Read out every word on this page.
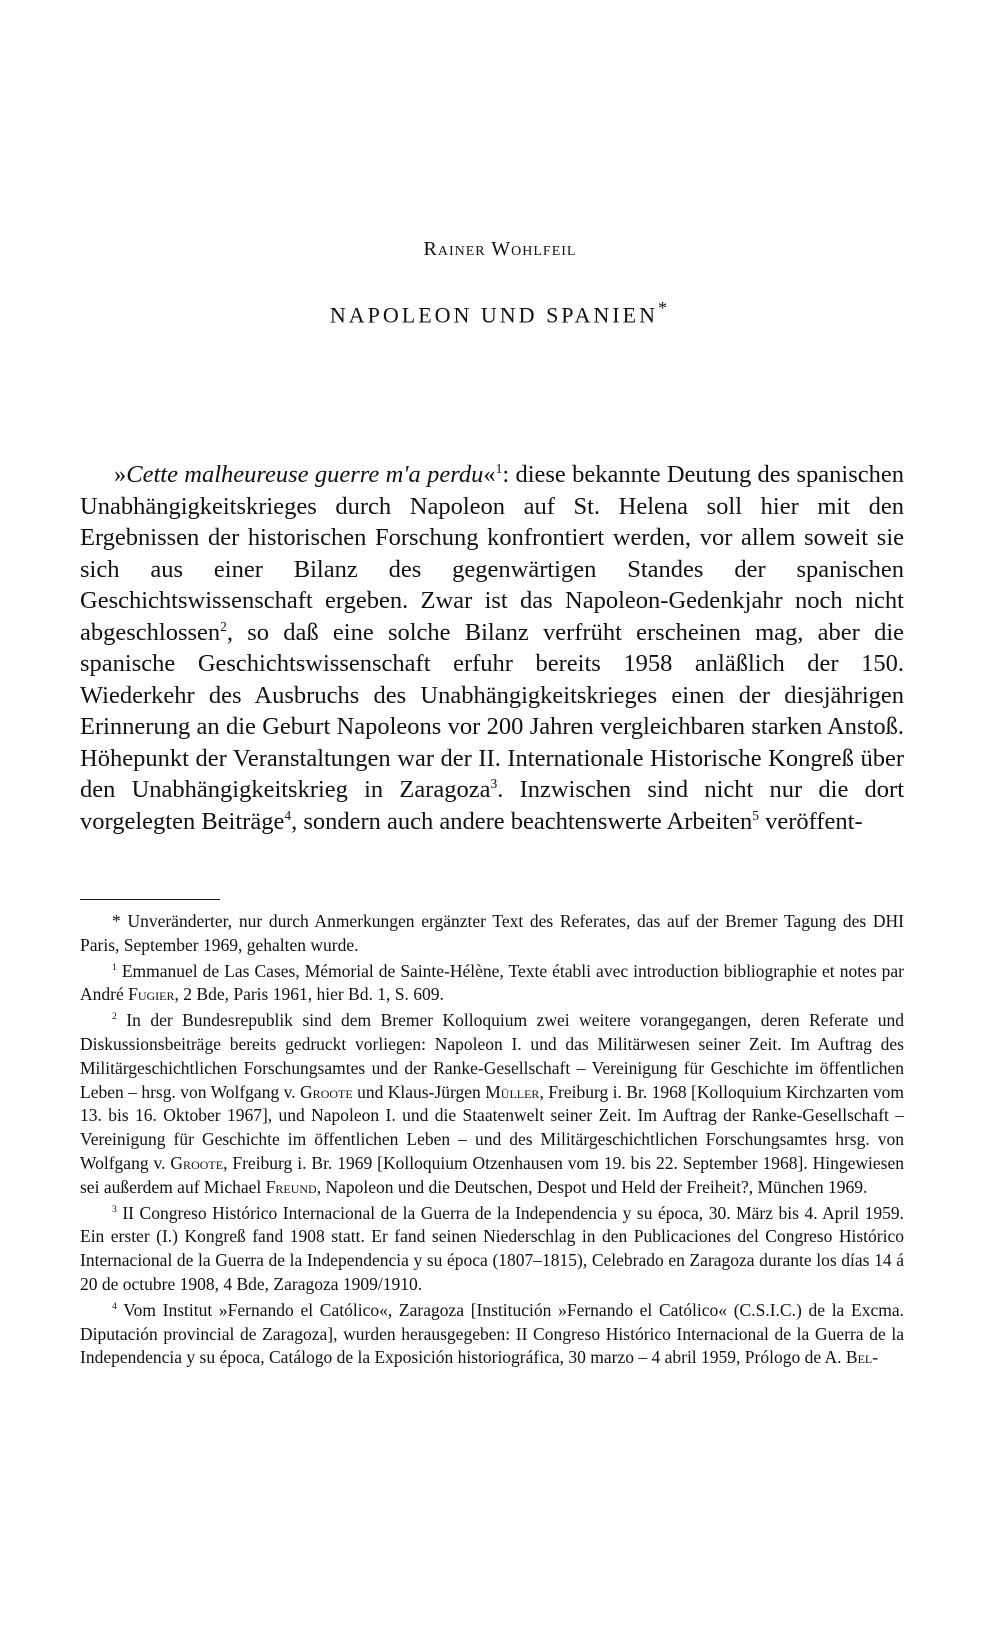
Rainer Wohlfeil
NAPOLEON UND SPANIEN*

»Cette malheureuse guerre m'a perdu«$^1$: diese bekannte Deutung des spanischen Unabhängigkeitskrieges durch Napoleon auf St. Helena soll hier mit den Ergebnissen der historischen Forschung konfrontiert werden, vor allem soweit sie sich aus einer Bilanz des gegenwärtigen Standes der spanischen Geschichtswissenschaft ergeben. Zwar ist das Napoleon-Gedenkjahr noch nicht abgeschlossen$^2$, so daß eine solche Bilanz verfrüht erscheinen mag, aber die spanische Geschichtswissenschaft erfuhr bereits 1958 anläßlich der 150. Wiederkehr des Ausbruchs des Unabhängigkeitskrieges einen der diesjährigen Erinnerung an die Geburt Napoleons vor 200 Jahren vergleichbaren starken Anstoß. Höhepunkt der Veranstaltungen war der II. Internationale Historische Kongreß über den Unabhängigkeitskrieg in Zaragoza$^3$. Inzwischen sind nicht nur die dort vorgelegten Beiträge$^4$, sondern auch andere beachtenswerte Arbeiten$^5$ veröffent-

* Unveränderter, nur durch Anmerkungen ergänzter Text des Referates, das auf der Bremer Tagung des DHI Paris, September 1969, gehalten wurde.

$^1$ Emmanuel de Las Cases, Mémorial de Sainte-Hélène, Texte établi avec introduction bibliographie et notes par André Fugier, 2 Bde, Paris 1961, hier Bd. 1, S. 609.

$^2$ In der Bundesrepublik sind dem Bremer Kolloquium zwei weitere vorangegangen, deren Referate und Diskussionsbeiträge bereits gedruckt vorliegen: Napoleon I. und das Militärwesen seiner Zeit. Im Auftrag des Militärgeschichtlichen Forschungsamtes und der Ranke-Gesellschaft – Vereinigung für Geschichte im öffentlichen Leben – hrsg. von Wolfgang v. Groote und Klaus-Jürgen Müller, Freiburg i. Br. 1968 [Kolloquium Kirchzarten vom 13. bis 16. Oktober 1967], und Napoleon I. und die Staatenwelt seiner Zeit. Im Auftrag der Ranke-Gesellschaft – Vereinigung für Geschichte im öffentlichen Leben – und des Militärgeschichtlichen Forschungsamtes hrsg. von Wolfgang v. Groote, Freiburg i. Br. 1969 [Kolloquium Otzenhausen vom 19. bis 22. September 1968]. Hingewiesen sei außerdem auf Michael Freund, Napoleon und die Deutschen, Despot und Held der Freiheit?, München 1969.

$^3$ II Congreso Histórico Internacional de la Guerra de la Independencia y su época, 30. März bis 4. April 1959. Ein erster (I.) Kongreß fand 1908 statt. Er fand seinen Niederschlag in den Publicaciones del Congreso Histórico Internacional de la Guerra de la Independencia y su época (1807–1815), Celebrado en Zaragoza durante los días 14 á 20 de octubre 1908, 4 Bde, Zaragoza 1909/1910.

$^4$ Vom Institut »Fernando el Católico«, Zaragoza [Institución »Fernando el Católico« (C.S.I.C.) de la Excma. Diputación provincial de Zaragoza], wurden herausgegeben: II Congreso Histórico Internacional de la Guerra de la Independencia y su época, Catálogo de la Exposición historiográfica, 30 marzo – 4 abril 1959, Prólogo de A. Bel-
